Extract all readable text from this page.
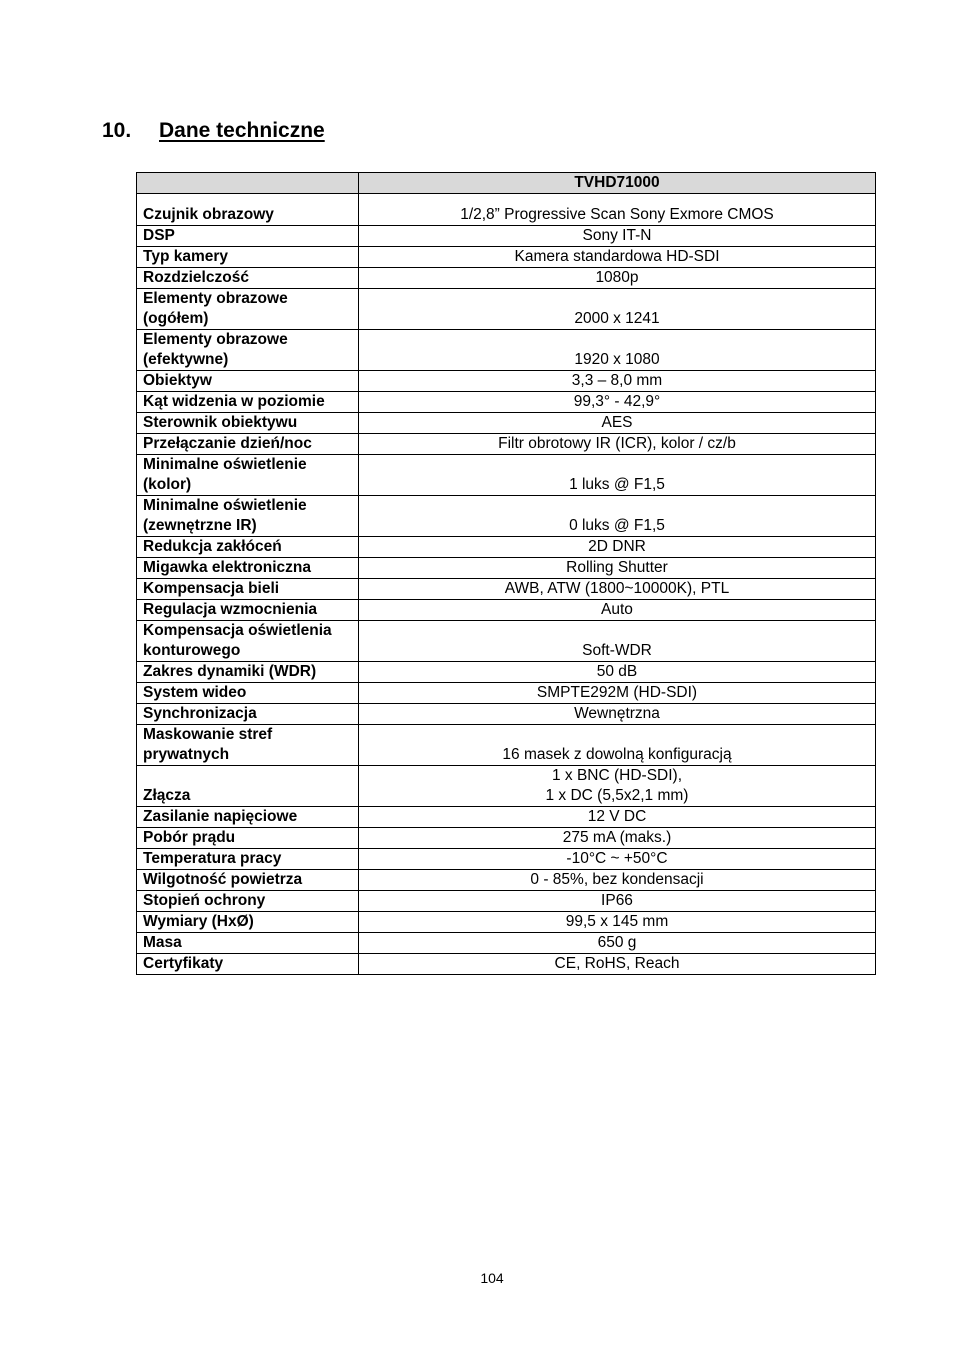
10. Dane techniczne
	TVHD71000
Czujnik obrazowy	1/2,8” Progressive Scan Sony Exmore CMOS
DSP	Sony IT-N
Typ kamery	Kamera standardowa HD-SDI
Rozdzielczość	1080p
Elementy obrazowe (ogółem)	2000 x 1241
Elementy obrazowe (efektywne)	1920 x 1080
Obiektyw	3,3 – 8,0 mm
Kąt widzenia w poziomie	99,3° - 42,9°
Sterownik obiektywu	AES
Przełączanie dzień/noc	Filtr obrotowy IR (ICR), kolor / cz/b
Minimalne oświetlenie (kolor)	1 luks @ F1,5
Minimalne oświetlenie (zewnętrzne IR)	0 luks @ F1,5
Redukcja zakłóceń	2D DNR
Migawka elektroniczna	Rolling Shutter
Kompensacja bieli	AWB, ATW (1800~10000K), PTL
Regulacja wzmocnienia	Auto
Kompensacja oświetlenia konturowego	Soft-WDR
Zakres dynamiki (WDR)	50 dB
System wideo	SMPTE292M (HD-SDI)
Synchronizacja	Wewnętrzna
Maskowanie stref prywatnych	16 masek z dowolną konfiguracją
Złącza	1 x BNC (HD-SDI),
1 x DC (5,5x2,1 mm)
Zasilanie napięciowe	12 V DC
Pobór prądu	275 mA (maks.)
Temperatura pracy	-10°C ~ +50°C
Wilgotność powietrza	0 - 85%, bez kondensacji
Stopień ochrony	IP66
Wymiary (HxØ)	99,5 x 145 mm
Masa	650 g
Certyfikaty	CE, RoHS, Reach
104
